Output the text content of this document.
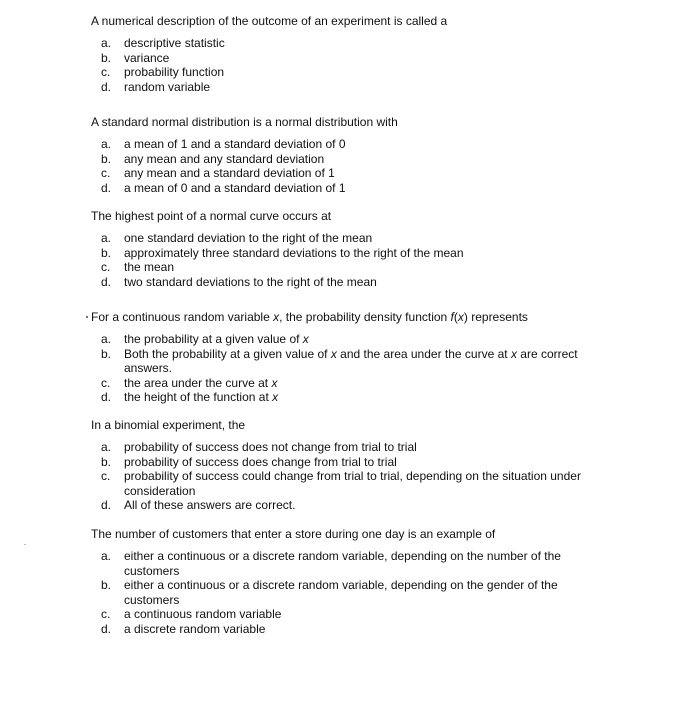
A numerical description of the outcome of an experiment is called a

a.	descriptive statistic
b.	variance
c.	probability function
d.	random variable

A standard normal distribution is a normal distribution with

a.	a mean of 1 and a standard deviation of 0
b.	any mean and any standard deviation
c.	any mean and a standard deviation of 1
d.	a mean of 0 and a standard deviation of 1

The highest point of a normal curve occurs at

a.	one standard deviation to the right of the mean
b.	approximately three standard deviations to the right of the mean
c.	the mean
d.	two standard deviations to the right of the mean

For a continuous random variable x, the probability density function f(x) represents

a.	the probability at a given value of x
b.	Both the probability at a given value of x and the area under the curve at x are correct answers.
c.	the area under the curve at x
d.	the height of the function at x

In a binomial experiment, the

a.	probability of success does not change from trial to trial
b.	probability of success does change from trial to trial
c.	probability of success could change from trial to trial, depending on the situation under consideration
d.	All of these answers are correct.

The number of customers that enter a store during one day is an example of

a.	either a continuous or a discrete random variable, depending on the number of the customers
b.	either a continuous or a discrete random variable, depending on the gender of the customers
c.	a continuous random variable
d.	a discrete random variable
